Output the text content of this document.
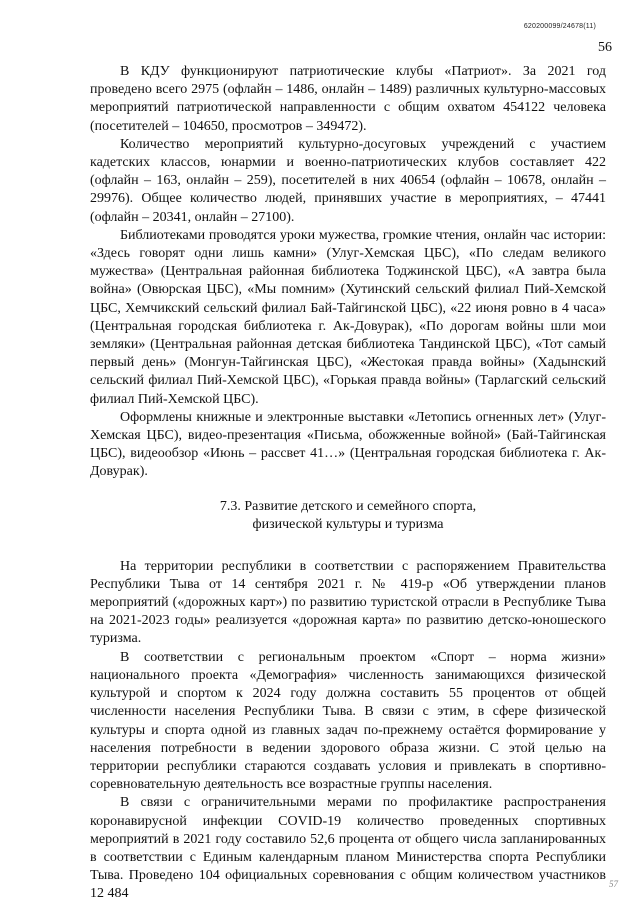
620200099/24678(11)
56

В КДУ функционируют патриотические клубы «Патриот». За 2021 год проведено всего 2975 (офлайн – 1486, онлайн – 1489) различных культурно-массовых мероприятий патриотической направленности с общим охватом 454122 человека (посетителей – 104650, просмотров – 349472).

Количество мероприятий культурно-досуговых учреждений с участием кадетских классов, юнармии и военно-патриотических клубов составляет 422 (офлайн – 163, онлайн – 259), посетителей в них 40654 (офлайн – 10678, онлайн – 29976). Общее количество людей, принявших участие в мероприятиях, – 47441 (офлайн – 20341, онлайн – 27100).

Библиотеками проводятся уроки мужества, громкие чтения, онлайн час истории: «Здесь говорят одни лишь камни» (Улуг-Хемская ЦБС), «По следам великого мужества» (Центральная районная библиотека Тоджинской ЦБС), «А завтра была война» (Овюрская ЦБС), «Мы помним» (Хутинский сельский филиал Пий-Хемской ЦБС, Хемчикский сельский филиал Бай-Тайгинской ЦБС), «22 июня ровно в 4 часа» (Центральная городская библиотека г. Ак-Довурак), «По дорогам войны шли мои земляки» (Центральная районная детская библиотека Тандинской ЦБС), «Тот самый первый день» (Монгун-Тайгинская ЦБС), «Жестокая правда войны» (Хадынский сельский филиал Пий-Хемской ЦБС), «Горькая правда войны» (Тарлагский сельский филиал Пий-Хемской ЦБС).

Оформлены книжные и электронные выставки «Летопись огненных лет» (Улуг-Хемская ЦБС), видео-презентация «Письма, обожженные войной» (Бай-Тайгинская ЦБС), видеообзор «Июнь – рассвет 41…» (Центральная городская библиотека г. Ак-Довурак).

7.3. Развитие детского и семейного спорта,
физической культуры и туризма

На территории республики в соответствии с распоряжением Правительства Республики Тыва от 14 сентября 2021 г. № 419-р «Об утверждении планов мероприятий («дорожных карт») по развитию туристской отрасли в Республике Тыва на 2021-2023 годы» реализуется «дорожная карта» по развитию детско-юношеского туризма.

В соответствии с региональным проектом «Спорт – норма жизни» национального проекта «Демография» численность занимающихся физической культурой и спортом к 2024 году должна составить 55 процентов от общей численности населения Республики Тыва. В связи с этим, в сфере физической культуры и спорта одной из главных задач по-прежнему остаётся формирование у населения потребности в ведении здорового образа жизни. С этой целью на территории республики стараются создавать условия и привлекать в спортивно-соревновательную деятельность все возрастные группы населения.

В связи с ограничительными мерами по профилактике распространения коронавирусной инфекции COVID-19 количество проведенных спортивных мероприятий в 2021 году составило 52,6 процента от общего числа запланированных в соответствии с Единым календарным планом Министерства спорта Республики Тыва. Проведено 104 официальных соревнования с общим количеством участников 12 484

57
